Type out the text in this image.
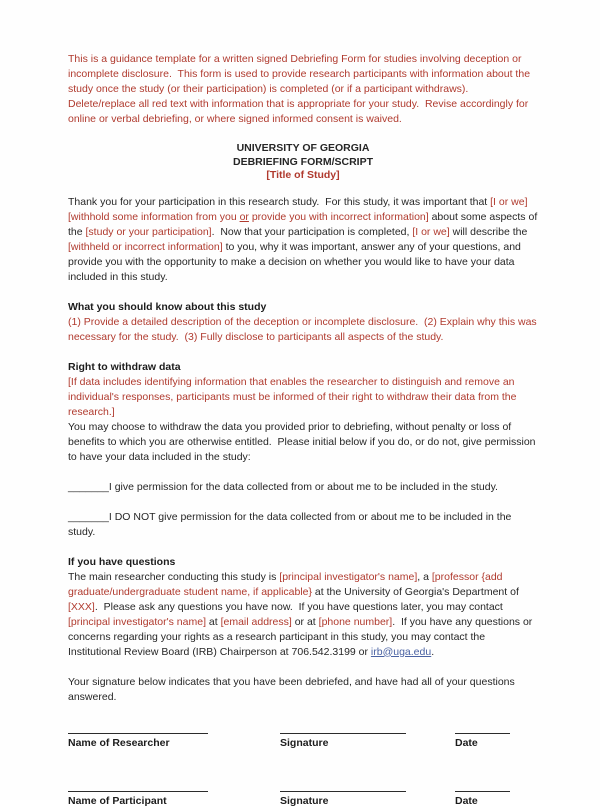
This is a guidance template for a written signed Debriefing Form for studies involving deception or incomplete disclosure.  This form is used to provide research participants with information about the study once the study (or their participation) is completed (or if a participant withdraws).  Delete/replace all red text with information that is appropriate for your study.  Revise accordingly for online or verbal debriefing, or where signed informed consent is waived.

UNIVERSITY OF GEORGIA
DEBRIEFING FORM/SCRIPT
[Title of Study]

Thank you for your participation in this research study.  For this study, it was important that [I or we] [withhold some information from you or provide you with incorrect information] about some aspects of the [study or your participation].  Now that your participation is completed, [I or we] will describe the [withheld or incorrect information] to you, why it was important, answer any of your questions, and provide you with the opportunity to make a decision on whether you would like to have your data included in this study.

What you should know about this study

(1) Provide a detailed description of the deception or incomplete disclosure.  (2) Explain why this was necessary for the study.  (3) Fully disclose to participants all aspects of the study.

Right to withdraw data

[If data includes identifying information that enables the researcher to distinguish and remove an individual's responses, participants must be informed of their right to withdraw their data from the research.]

You may choose to withdraw the data you provided prior to debriefing, without penalty or loss of benefits to which you are otherwise entitled.  Please initial below if you do, or do not, give permission to have your data included in the study:

_______I give permission for the data collected from or about me to be included in the study.

_______I DO NOT give permission for the data collected from or about me to be included in the study.

If you have questions

The main researcher conducting this study is [principal investigator's name], a [professor {add graduate/undergraduate student name, if applicable} at the University of Georgia's Department of [XXX].  Please ask any questions you have now.  If you have questions later, you may contact [principal investigator's name] at [email address] or at [phone number].  If you have any questions or concerns regarding your rights as a research participant in this study, you may contact the Institutional Review Board (IRB) Chairperson at 706.542.3199 or irb@uga.edu.

Your signature below indicates that you have been debriefed, and have had all of your questions answered.

Name of Researcher	Signature	Date
Name of Participant	Signature	Date
